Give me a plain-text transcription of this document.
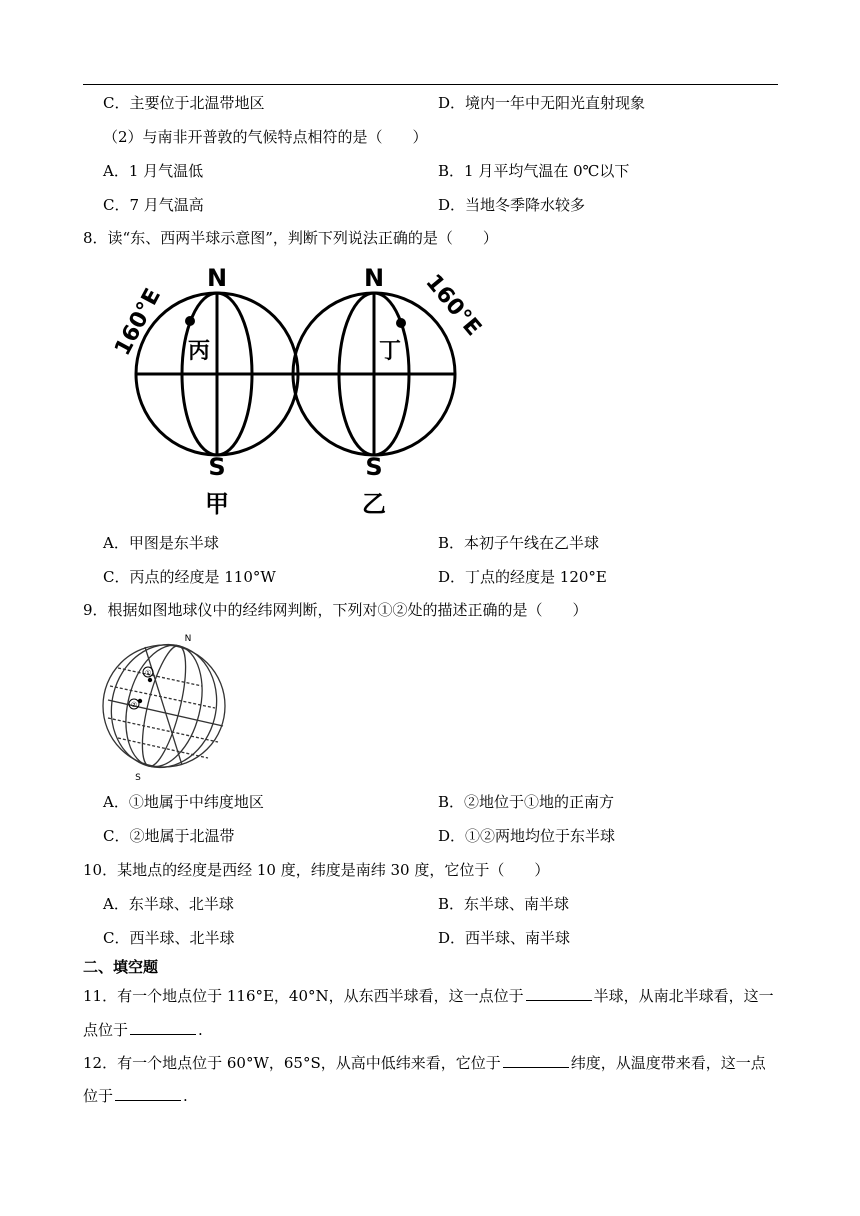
C．主要位于北温带地区	D．境内一年中无阳光直射现象
（2）与南非开普敦的气候特点相符的是（　　）
A．1 月气温低	B．1 月平均气温在 0℃以下
C．7 月气温高	D．当地冬季降水较多
8．读“东、西两半球示意图”，判断下列说法正确的是（　　）
N	N
S	S
丙	丁
甲	乙
160°E	160°E
A．甲图是东半球	B．本初子午线在乙半球
C．丙点的经度是 110°W	D．丁点的经度是 120°E
9．根据如图地球仪中的经纬网判断，下列对①②处的描述正确的是（　　）
①
②
N
S
A．①地属于中纬度地区	B．②地位于①地的正南方
C．②地属于北温带	D．①②两地均位于东半球
10．某地点的经度是西经 10 度，纬度是南纬 30 度，它位于（　　）
A．东半球、北半球	B．东半球、南半球
C．西半球、北半球	D．西半球、南半球
二、填空题
11．有一个地点位于 116°E，40°N，从东西半球看，这一点位于	半球，从南北半球看，这一
点位于	.
12．有一个地点位于 60°W，65°S，从高中低纬来看，它位于	纬度，从温度带来看，这一点
位于	.
